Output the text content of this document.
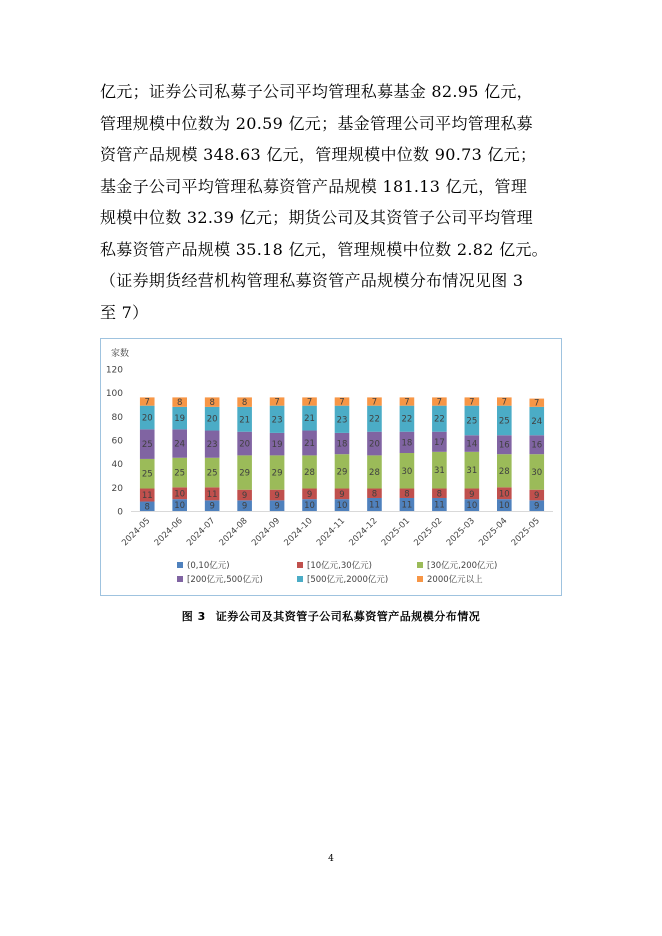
亿元；证券公司私募子公司平均管理私募基金 82.95 亿元，
管理规模中位数为 20.59 亿元；基金管理公司平均管理私募
资管产品规模 348.63 亿元，管理规模中位数 90.73 亿元；
基金子公司平均管理私募资管产品规模 181.13 亿元，管理
规模中位数 32.39 亿元；期货公司及其资管子公司平均管理
私募资管产品规模 35.18 亿元，管理规模中位数 2.82 亿元。
（证券期货经营机构管理私募资管产品规模分布情况见图 3
至 7）
家数
0
20
40
60
80
100
120
8
11
25
25
20
7
2024-05
10
10
25
24
19
8
2024-06
9
11
25
23
20
8
2024-07
9
9
29
20
21
8
2024-08
9
9
29
19
23
7
2024-09
10
9
28
21
21
7
2024-10
10
9
29
18
23
7
2024-11
11
8
28
20
22
7
2024-12
11
8
30
18
22
7
2025-01
11
8
31
17
22
7
2025-02
10
9
31
14
25
7
2025-03
10
10
28
16
25
7
2025-04
9
9
30
16
24
7
2025-05
(0,10亿元)	[10亿元,30亿元)	[30亿元,200亿元)
[200亿元,500亿元)	[500亿元,2000亿元)	2000亿元以上
图 3 证券公司及其资管子公司私募资管产品规模分布情况
4
